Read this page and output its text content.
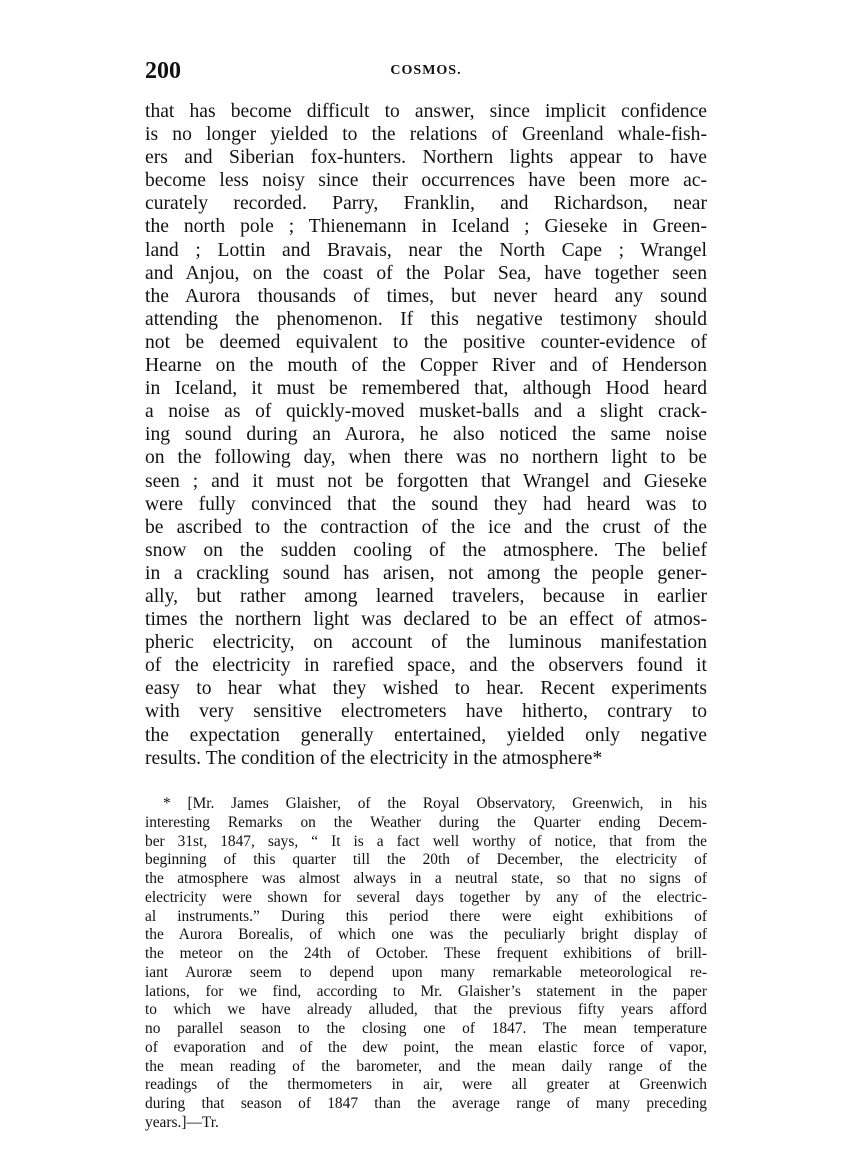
200	COSMOS.
that has become difficult to answer, since implicit confidence
is no longer yielded to the relations of Greenland whale-fish-
ers and Siberian fox-hunters. Northern lights appear to have
become less noisy since their occurrences have been more ac-
curately recorded. Parry, Franklin, and Richardson, near
the north pole ; Thienemann in Iceland ; Gieseke in Green-
land ; Lottin and Bravais, near the North Cape ; Wrangel
and Anjou, on the coast of the Polar Sea, have together seen
the Aurora thousands of times, but never heard any sound
attending the phenomenon. If this negative testimony should
not be deemed equivalent to the positive counter-evidence of
Hearne on the mouth of the Copper River and of Henderson
in Iceland, it must be remembered that, although Hood heard
a noise as of quickly-moved musket-balls and a slight crack-
ing sound during an Aurora, he also noticed the same noise
on the following day, when there was no northern light to be
seen ; and it must not be forgotten that Wrangel and Gieseke
were fully convinced that the sound they had heard was to
be ascribed to the contraction of the ice and the crust of the
snow on the sudden cooling of the atmosphere. The belief
in a crackling sound has arisen, not among the people gener-
ally, but rather among learned travelers, because in earlier
times the northern light was declared to be an effect of atmos-
pheric electricity, on account of the luminous manifestation
of the electricity in rarefied space, and the observers found it
easy to hear what they wished to hear. Recent experiments
with very sensitive electrometers have hitherto, contrary to
the expectation generally entertained, yielded only negative
results. The condition of the electricity in the atmosphere*
* [Mr. James Glaisher, of the Royal Observatory, Greenwich, in his
interesting Remarks on the Weather during the Quarter ending Decem-
ber 31st, 1847, says, “ It is a fact well worthy of notice, that from the
beginning of this quarter till the 20th of December, the electricity of
the atmosphere was almost always in a neutral state, so that no signs of
electricity were shown for several days together by any of the electric-
al instruments.” During this period there were eight exhibitions of
the Aurora Borealis, of which one was the peculiarly bright display of
the meteor on the 24th of October. These frequent exhibitions of brill-
iant Auroræ seem to depend upon many remarkable meteorological re-
lations, for we find, according to Mr. Glaisher’s statement in the paper
to which we have already alluded, that the previous fifty years afford
no parallel season to the closing one of 1847. The mean temperature
of evaporation and of the dew point, the mean elastic force of vapor,
the mean reading of the barometer, and the mean daily range of the
readings of the thermometers in air, were all greater at Greenwich
during that season of 1847 than the average range of many preceding
years.]—Tr.
